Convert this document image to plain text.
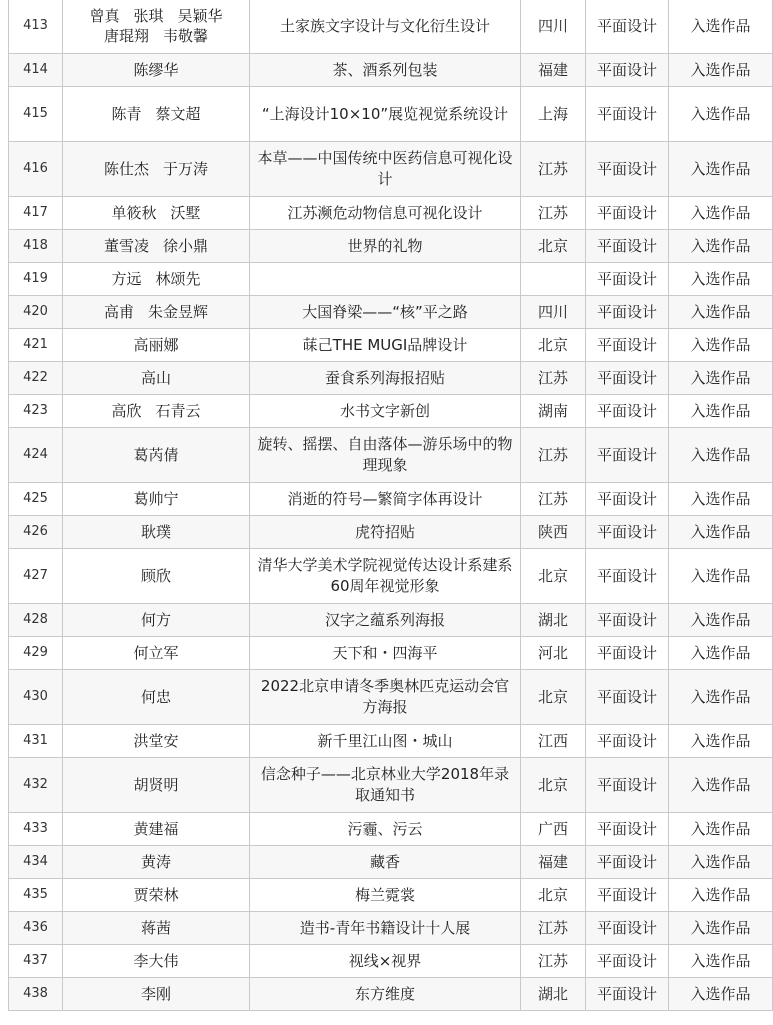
413	曾真 张琪 吴颖华唐琨翔 韦敬馨	土家族文字设计与文化衍生设计	四川	平面设计	入选作品
414	陈缪华	茶、酒系列包装	福建	平面设计	入选作品
415	陈青 蔡文超	“上海设计10×10”展览视觉系统设计	上海	平面设计	入选作品
416	陈仕杰 于万涛	本草——中国传统中医药信息可视化设计	江苏	平面设计	入选作品
417	单筱秋 沃墅	江苏濒危动物信息可视化设计	江苏	平面设计	入选作品
418	董雪凌 徐小鼎	世界的礼物	北京	平面设计	入选作品
419	方远 林颂先			平面设计	入选作品
420	高甫 朱金昱辉	大国脊梁——“核”平之路	四川	平面设计	入选作品
421	高丽娜	菋己THE MUGI品牌设计	北京	平面设计	入选作品
422	高山	蚕食系列海报招贴	江苏	平面设计	入选作品
423	高欣 石青云	水书文字新创	湖南	平面设计	入选作品
424	葛芮倩	旋转、摇摆、自由落体—游乐场中的物理现象	江苏	平面设计	入选作品
425	葛帅宁	消逝的符号—繁简字体再设计	江苏	平面设计	入选作品
426	耿璞	虎符招贴	陕西	平面设计	入选作品
427	顾欣	清华大学美术学院视觉传达设计系建系60周年视觉形象	北京	平面设计	入选作品
428	何方	汉字之蕴系列海报	湖北	平面设计	入选作品
429	何立军	天下和・四海平	河北	平面设计	入选作品
430	何忠	2022北京申请冬季奥林匹克运动会官方海报	北京	平面设计	入选作品
431	洪堂安	新千里江山图・城山	江西	平面设计	入选作品
432	胡贤明	信念种子——北京林业大学2018年录取通知书	北京	平面设计	入选作品
433	黄建福	污霾、污云	广西	平面设计	入选作品
434	黄涛	藏香	福建	平面设计	入选作品
435	贾荣林	梅兰霓裳	北京	平面设计	入选作品
436	蒋茜	造书-青年书籍设计十人展	江苏	平面设计	入选作品
437	李大伟	视线×视界	江苏	平面设计	入选作品
438	李刚	东方维度	湖北	平面设计	入选作品
